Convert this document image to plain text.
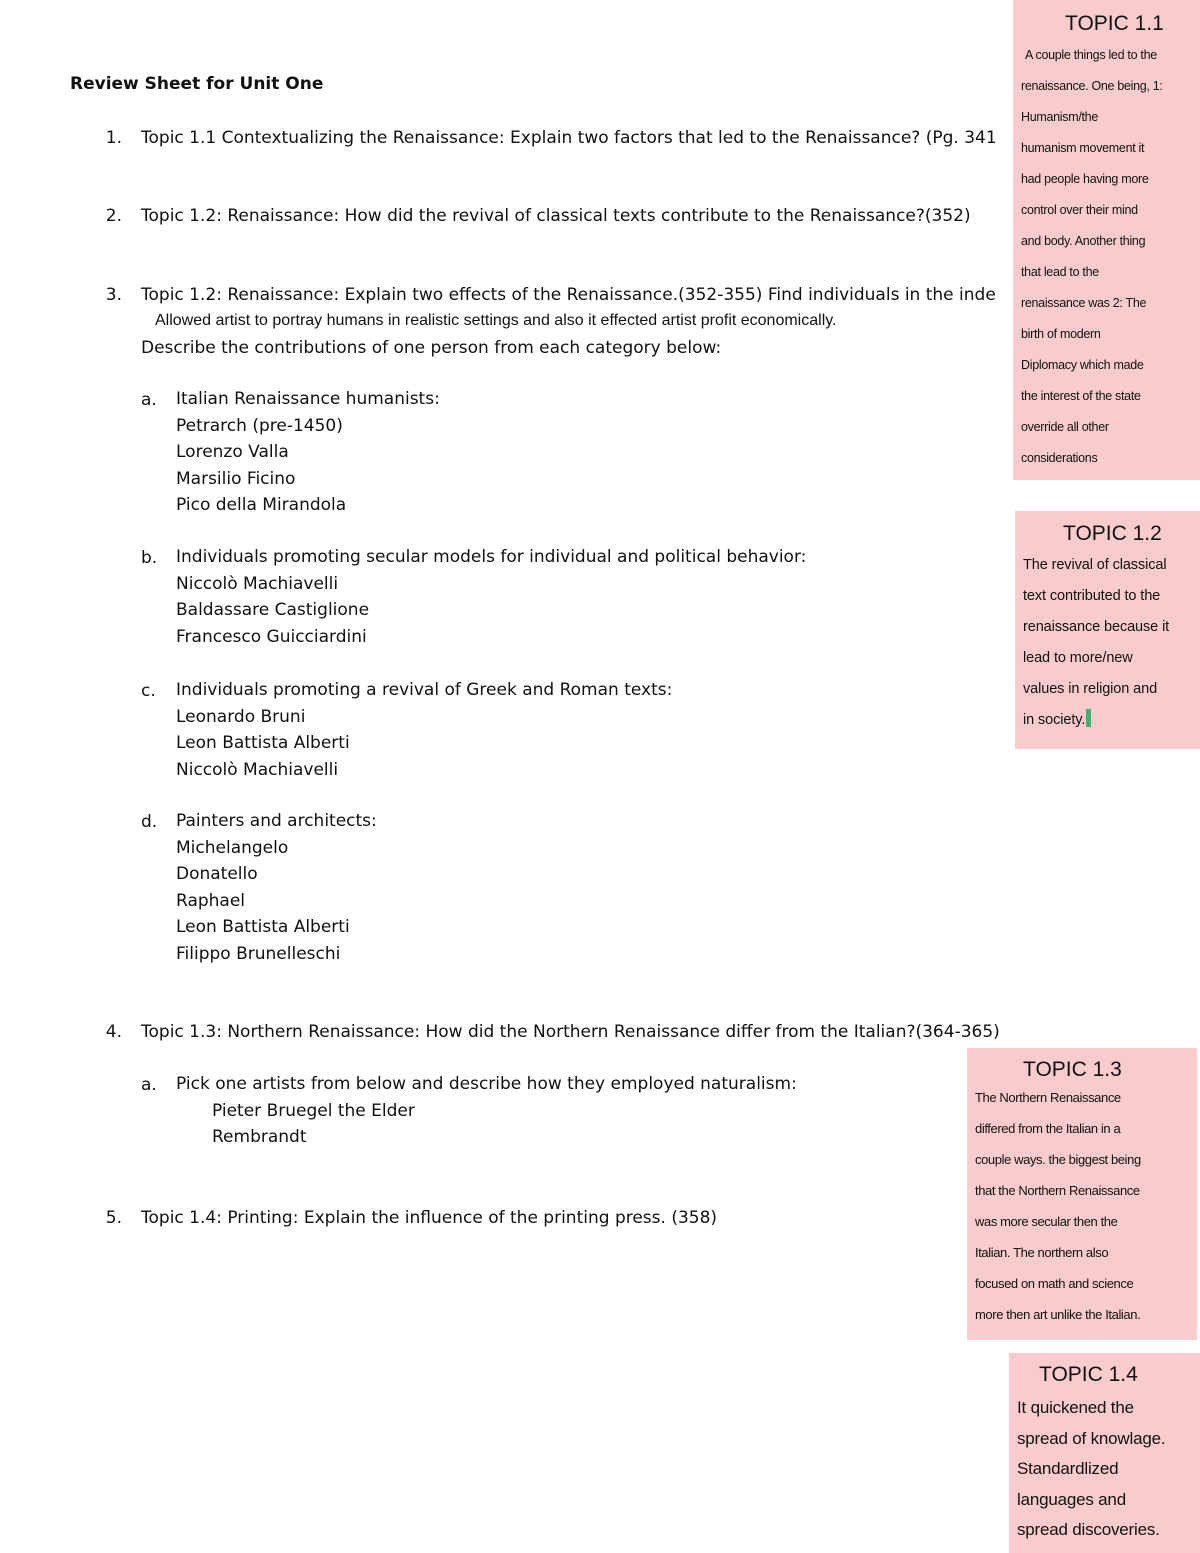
Review Sheet for Unit One
1. Topic 1.1 Contextualizing the Renaissance: Explain two factors that led to the Renaissance? (Pg. 341
2. Topic 1.2: Renaissance: How did the revival of classical texts contribute to the Renaissance?(352)
3. Topic 1.2: Renaissance: Explain two effects of the Renaissance.(352-355) Find individuals in the inde
Allowed artist to portray humans in realistic settings and also it effected artist profit economically.
Describe the contributions of one person from each category below:
a. Italian Renaissance humanists:
Petrarch (pre-1450)
Lorenzo Valla
Marsilio Ficino
Pico della Mirandola
b. Individuals promoting secular models for individual and political behavior:
Niccolò Machiavelli
Baldassare Castiglione
Francesco Guicciardini
c. Individuals promoting a revival of Greek and Roman texts:
Leonardo Bruni
Leon Battista Alberti
Niccolò Machiavelli
d. Painters and architects:
Michelangelo
Donatello
Raphael
Leon Battista Alberti
Filippo Brunelleschi
4. Topic 1.3: Northern Renaissance: How did the Northern Renaissance differ from the Italian?(364-365)
a. Pick one artists from below and describe how they employed naturalism:
Pieter Bruegel the Elder
Rembrandt
5. Topic 1.4: Printing: Explain the influence of the printing press. (358)
TOPIC 1.1
A couple things led to the
renaissance. One being, 1:
Humanism/the
humanism movement it
had people having more
control over their mind
and body. Another thing
that lead to the
renaissance was 2: The
birth of modern
Diplomacy which made
the interest of the state
override all other
considerations
TOPIC 1.2
The revival of classical
text contributed to the
renaissance because it
lead to more/new
values in religion and
in society.
TOPIC 1.3
The Northern Renaissance
differed from the Italian in a
couple ways. the biggest being
that the Northern Renaissance
was more secular then the
Italian. The northern also
focused on math and science
more then art unlike the Italian.
TOPIC 1.4
It quickened the
spread of knowlage.
Standardlized
languages and
spread discoveries.
